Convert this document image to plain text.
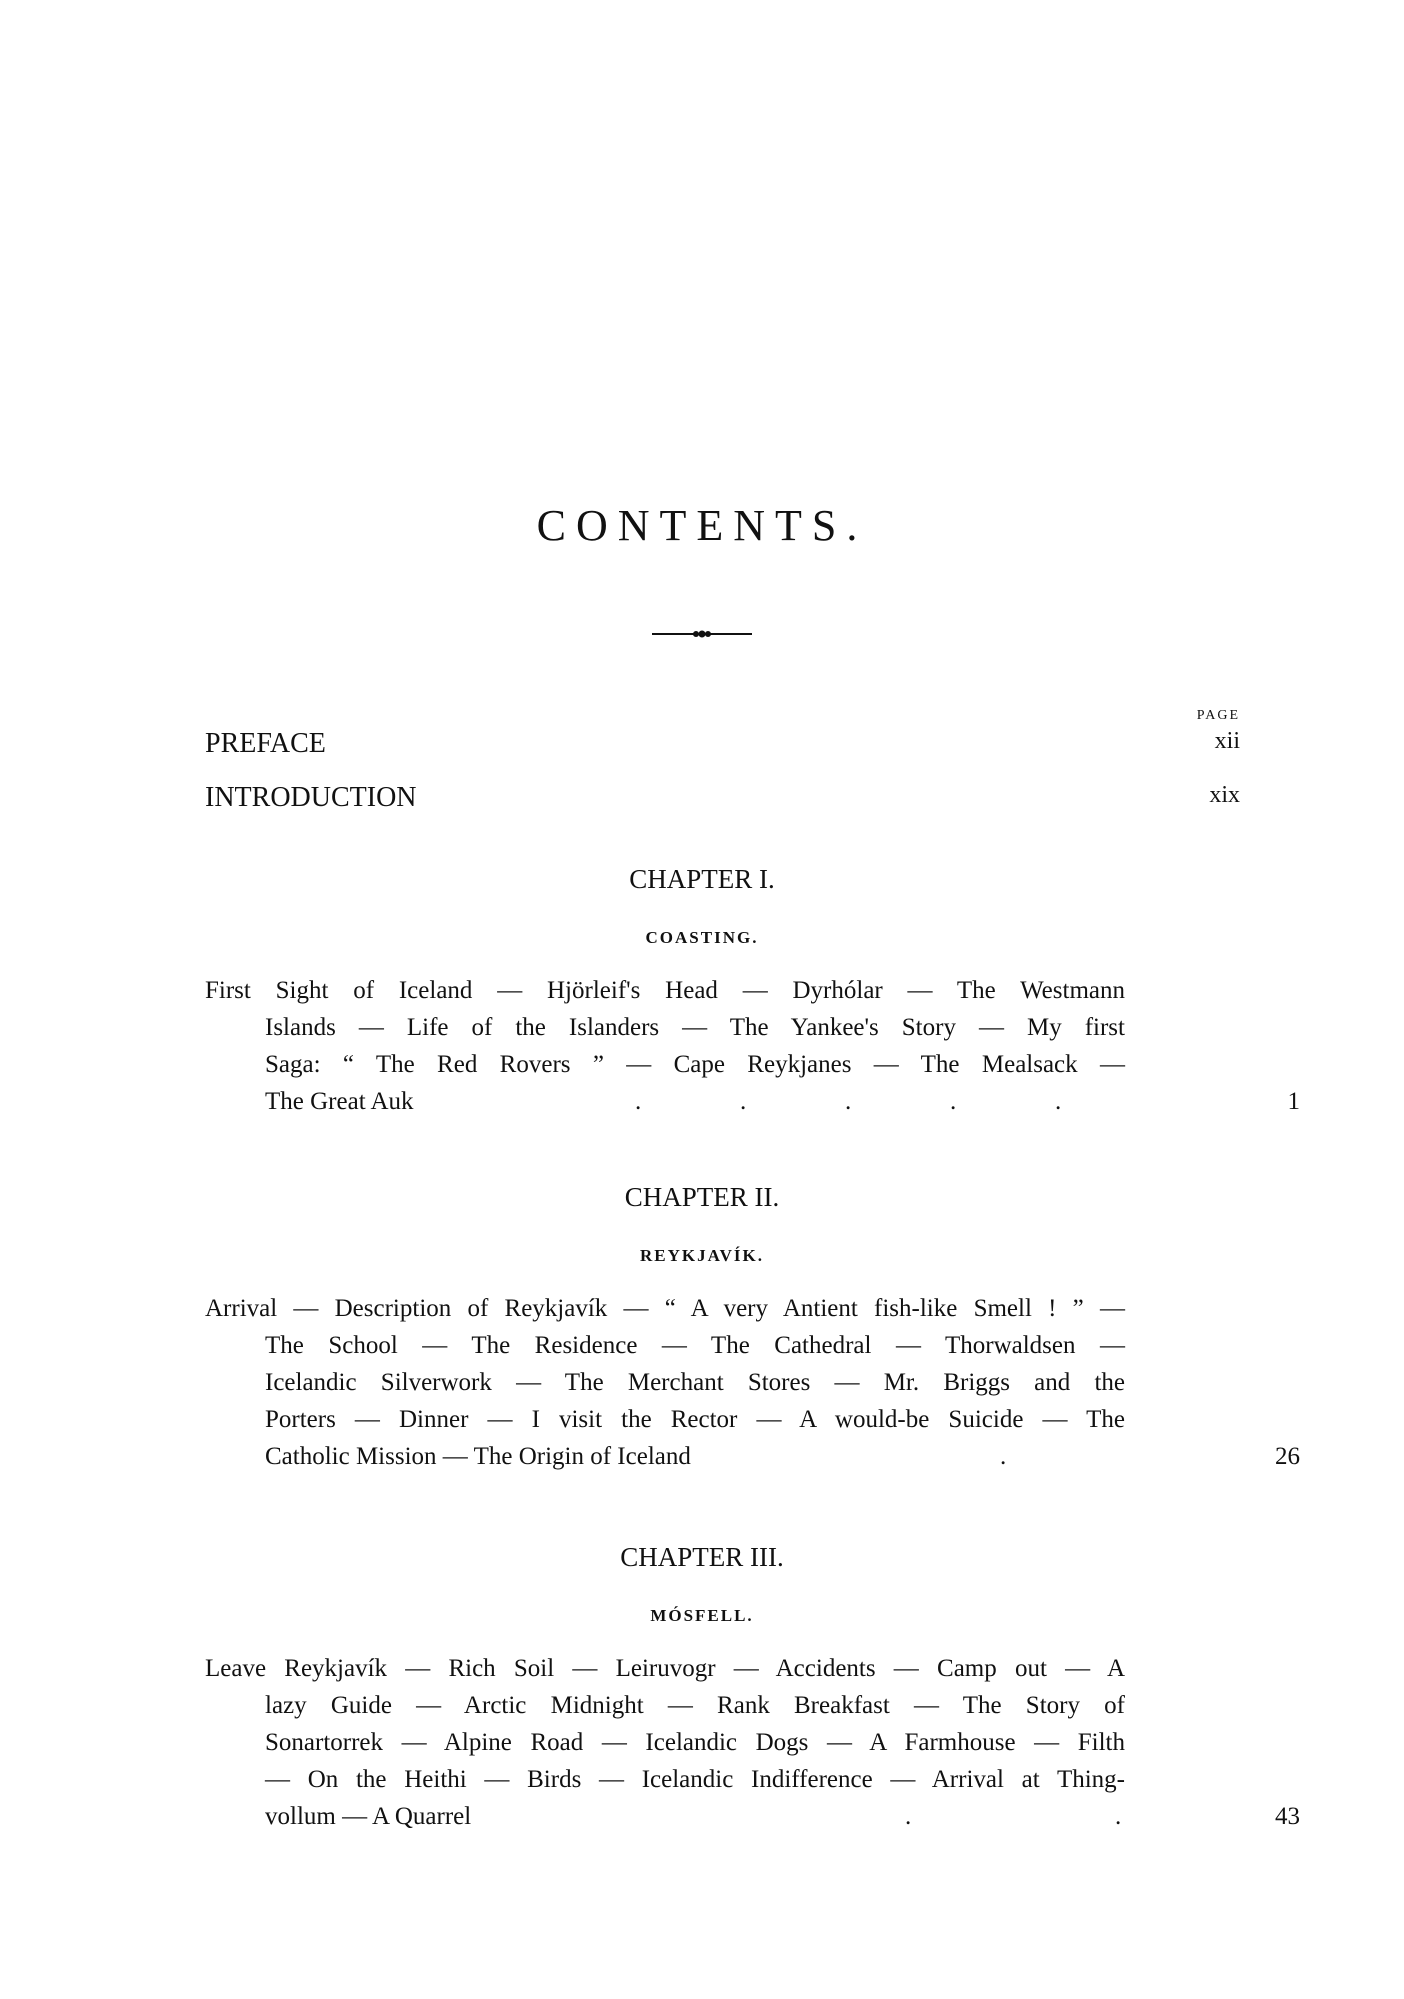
CONTENTS.
PAGE
PREFACE	xii
INTRODUCTION	xix
CHAPTER I.
COASTING.
First Sight of Iceland — Hjörleif's Head — Dyrhólar — The Westmann
Islands — Life of the Islanders — The Yankee's Story — My first
Saga: “ The Red Rovers ” — Cape Reykjanes — The Mealsack —
The Great Auk	.	.	.	.	.	1
CHAPTER II.
REYKJAVÍK.
Arrival — Description of Reykjavík — “ A very Antient fish-like Smell ! ” —
The School — The Residence — The Cathedral — Thorwaldsen —
Icelandic Silverwork — The Merchant Stores — Mr. Briggs and the
Porters — Dinner — I visit the Rector — A would-be Suicide — The
Catholic Mission — The Origin of Iceland	.	26
CHAPTER III.
MÓSFELL.
Leave Reykjavík — Rich Soil — Leiruvogr — Accidents — Camp out — A
lazy Guide — Arctic Midnight — Rank Breakfast — The Story of
Sonartorrek — Alpine Road — Icelandic Dogs — A Farmhouse — Filth
— On the Heithi — Birds — Icelandic Indifference — Arrival at Thing-
vollum — A Quarrel	.	.	43
